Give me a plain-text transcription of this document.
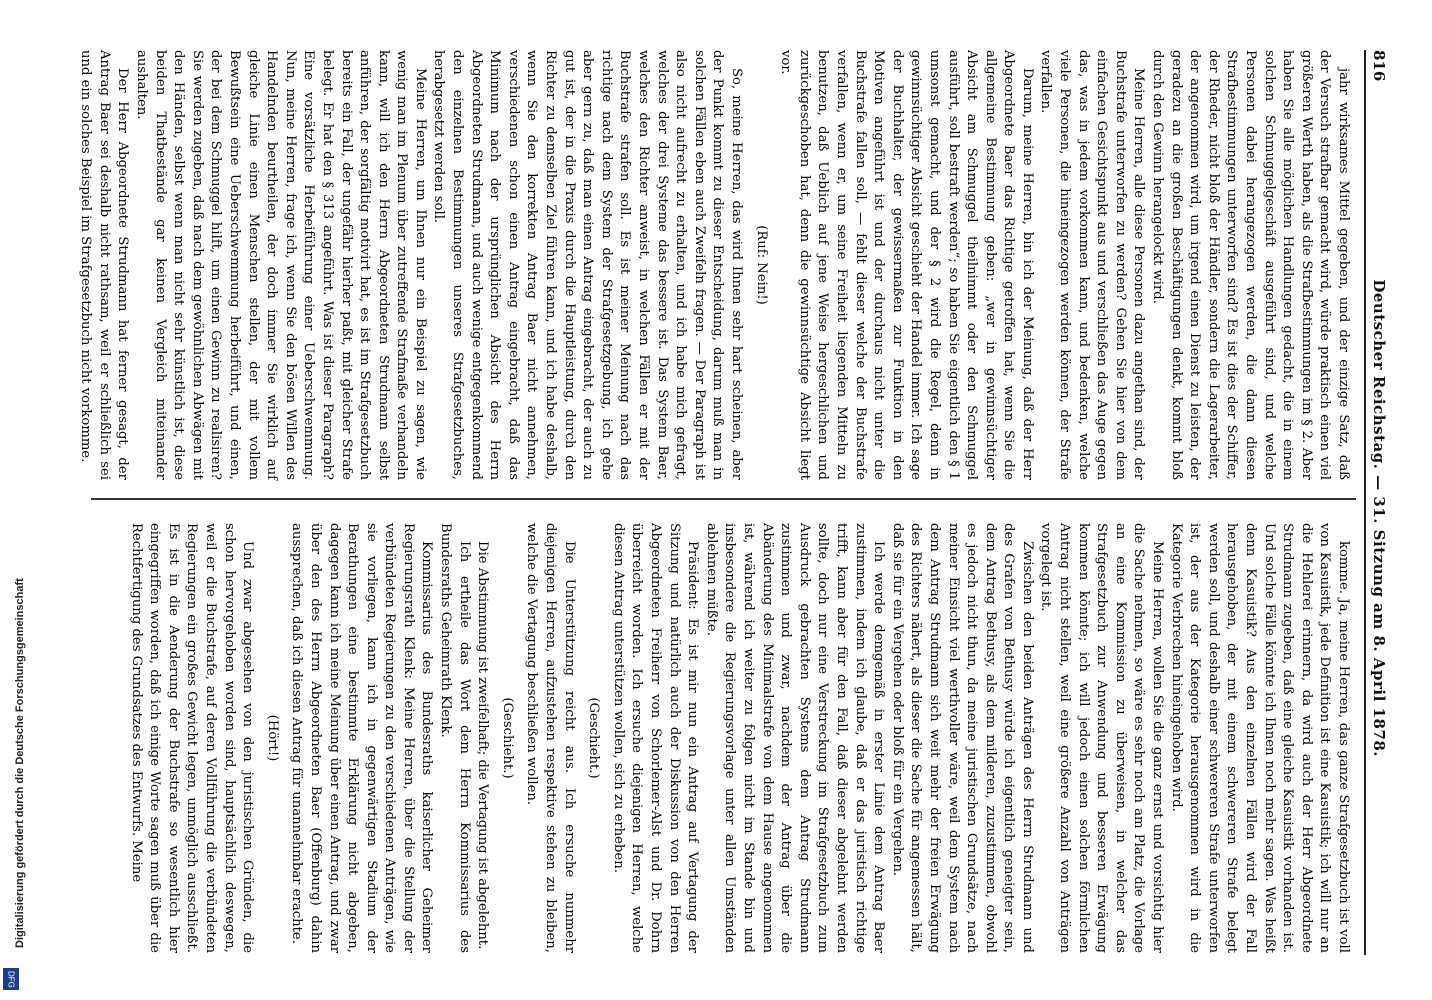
816
Deutscher Reichstag. — 31. Sitzung am 8. April 1878.

jahr wirksames Mittel gegeben, und der einzige Satz, daß der Versuch strafbar gemacht wird, würde praktisch einen viel größeren Werth haben, als die Strafbestimmungen im § 2. Aber haben Sie alle möglichen Handlungen gedacht, die in einem solchen Schmuggelgeschäft ausgeführt sind, und welche Personen dabei herangezogen werden, die dann diesen Strafbestimmungen unterworfen sind? Es ist dies der Schiffer, der Rheder, nicht bloß der Händler, sondern die Lagerarbeiter, der angenommen wird, um irgend einen Dienst zu leisten, der geradezu an die großen Beschäftigungen denkt, kommt bloß durch den Gewinn herangelockt wird.

Meine Herren, alle diese Personen dazu angethan sind, der Buchstrafe unterworfen zu werden? Gehen Sie hier von dem einfachen Gesichtspunkt aus und verschließen das Auge gegen das, was in jedem vorkommen kann, und bedenken, welche viele Personen, die hineingezogen werden können, der Strafe verfallen.

Darum, meine Herren, bin ich der Meinung, daß der Herr Abgeordnete Baer das Richtige getroffen hat, wenn Sie die allgemeine Bestimmung geben: „wer in gewinnsüchtiger Absicht am Schmuggel theilnimmt oder den Schmuggel ausführt, soll bestraft werden“; so haben Sie eigentlich den § 1 umsonst gemacht, und der § 2 wird die Regel, denn in gewinnsüchtiger Absicht geschieht der Handel immer. Ich sage der Buchhalter, der gewissermaßen zur Funktion in den Motiven angeführt ist und der durchaus nicht unter die Buchstrafe fallen soll, — fehlt dieser welche der Buchstrafe verfallen, wenn er, um seine Freiheit liegenden Mitteln zu benutzen, daß Ueblich auf jene Weise hergeschlichen und zurückgeschoben hat, denn die gewinnsüchtige Absicht liegt vor.

(Ruf: Nein!)

So, meine Herren, das wird Ihnen sehr hart scheinen, aber der Punkt kommt zu dieser Entscheidung, darum muß man in solchen Fällen eben auch Zweifeln fragen. — Der Paragraph ist also nicht aufrecht zu erhalten, und ich habe mich gefragt, welches der drei Systeme das bessere ist. Das System Baer, welches den Richter anweist, in welchen Fällen er mit der Buchstrafe strafen soll. Es ist meiner Meinung nach das richtige nach dem System der Strafgesetzgebung, ich gehe aber gern zu, daß man einen Antrag eingebracht, der auch zu gut ist, der in die Praxis durch die Hauptleistung, durch den Richter zu demselben Ziel führen kann, und ich habe deshalb, wenn Sie den korrekten Antrag Baer nicht annehmen, verschiedenen schon einen Antrag eingebracht, daß das Minimum nach der ursprünglichen Absicht des Herrn Abgeordneten Strudmann, und auch wenige entgegenkommend den einzelnen Bestimmungen unseres Strafgesetzbuches, herabgesetzt werden soll.

Meine Herren, um Ihnen nur ein Beispiel zu sagen, wie wenig man im Plenum über zutreffende Strafmaße verhandeln kann, will ich den Herrn Abgeordneten Strudmann selbst anführen, der sorgfältig motivirt hat, es ist im Strafgesetzbuch bereits ein Fall, der ungefähr hierher paßt, mit gleicher Strafe belegt. Er hat den § 313 angeführt. Was ist dieser Paragraph? Eine vorsätzliche Herbeiführung einer Ueberschwemmung. Nun, meine Herren, frage ich, wenn Sie den bösen Willen des Handelnden beurtheilen, der doch immer Sie wirklich auf gleiche Linie einen Menschen stellen, der mit vollem Bewußtsein eine Ueberschwemmung herbeiführt, und einen, der bei dem Schmuggel hilft, um einen Gewinn zu realisiren? Sie werden zugeben, daß nach dem gewöhnlichen Abwägen mit den Händen, selbst wenn man nicht sehr künstlich ist, diese beiden Thatbestände gar keinen Vergleich miteinander aushalten.

Der Herr Abgeordnete Strudmann hat ferner gesagt, der Antrag Baer sei deshalb nicht rathsam, weil er schließlich sei und ein solches Beispiel im Strafgesetzbuch nicht vorkomme.

komme. Ja, meine Herren, das ganze Strafgesetzbuch ist voll von Kasuistik, jede Definition ist eine Kasuistik; ich will nur an die Hehlerei erinnern, da wird auch der Herr Abgeordnete Strudmann zugeben, daß eine gleiche Kasuistik vorhanden ist. Und solche Fälle könnte ich Ihnen noch mehr sagen. Was heißt denn Kasuistik? Aus den einzelnen Fällen wird der Fall herausgehoben, der mit einem schwereren Strafe belegt werden soll, und deshalb einer schwereren Strafe unterworfen ist, der aus der Kategorie herausgenommen wird in die Kategorie Verbrechen hineingehoben wird.

Meine Herren, wollen Sie die ganz ernst und vorsichtig hier die Sache nehmen, so wäre es sehr noch am Platz, die Vorlage an eine Kommission zu überweisen, in welcher das Strafgesetzbuch zur Anwendung und besseren Erwägung kommen könnte; ich will jedoch einen solchen förmlichen Antrag nicht stellen, weil eine größere Anzahl von Anträgen vorgelegt ist.

Zwischen den beiden Anträgen des Herrn Strudmann und des Grafen von Bethusy würde ich eigentlich geneigter sein, dem Antrag Bethusy, als dem milderen, zuzustimmen, obwohl es jedoch nicht thun, da meine juristischen Grundsätze, nach meiner Einsicht viel werthvoller wäre, weil dem System nach dem Antrag Strudmann sich weit mehr der freien Erwägung des Richters nähert, als dieser die Sache für angemessen hält, daß sie für ein Vergehen oder bloß für ein Vergehen.

Ich werde demgemäß in erster Linie dem Antrag Baer zustimmen, indem ich glaube, daß er das juristisch richtige trifft, kann aber für den Fall, daß dieser abgelehnt werden sollte, doch nur eine Verstreckung im Strafgesetzbuch zum Ausdruck gebrachten Systems dem Antrag Strudmann zustimmen und zwar, nachdem der Antrag über die Abänderung des Minimalstrafe von dem Hause angenommen ist, während ich weiter zu folgen nicht im Stande bin und insbesondere die Regierungsvorlage unter allen Umständen ablehnen müßte.

Präsident: Es ist mir nun ein Antrag auf Vertagung der Sitzung und natürlich auch der Diskussion von den Herren Abgeordneten Freiherr von Schorlemer-Alst und Dr. Dohrn überreicht worden. Ich ersuche diejenigen Herren, welche diesen Antrag unterstützen wollen, sich zu erheben.

(Geschieht.)

Die Unterstützung reicht aus. Ich ersuche nunmehr diejenigen Herren, aufzustehen respektive stehen zu bleiben, welche die Vertagung beschließen wollen.

(Geschieht.)

Die Abstimmung ist zweifelhaft; die Vertagung ist abgelehnt.

Ich ertheile das Wort dem Herrn Kommissarius des Bundesraths Geheimrath Klenk.

Kommissarius des Bundesraths kaiserlicher Geheimer Regierungsrath Klenk: Meine Herren, über die Stellung der verbündeten Regierungen zu den verschiedenen Anträgen, wie sie vorliegen, kann ich in gegenwärtigen Stadium der Berathungen eine bestimmte Erklärung nicht abgeben, dagegen kann ich meine Meinung über einen Antrag, und zwar über den des Herrn Abgeordneten Baer (Offenburg) dahin aussprechen, daß ich diesen Antrag für unannehmbar erachte.

(Hört!)

Und zwar abgesehen von den juristischen Gründen, die schon hervorgehoben worden sind, hauptsächlich deswegen, weil er die Buchstrafe, auf deren Vollführung die verbündeten Regierungen ein großes Gewicht legen, unmöglich ausschließt. Es ist in die Aenderung der Buchstrafe so wesentlich hier eingegriffen worden, daß ich einige Worte sagen muß über die Rechtfertigung des Grundsatzes des Entwurfs. Meine

Digitalisierung gefördert durch die Deutsche Forschungsgemeinschaft
DFG
